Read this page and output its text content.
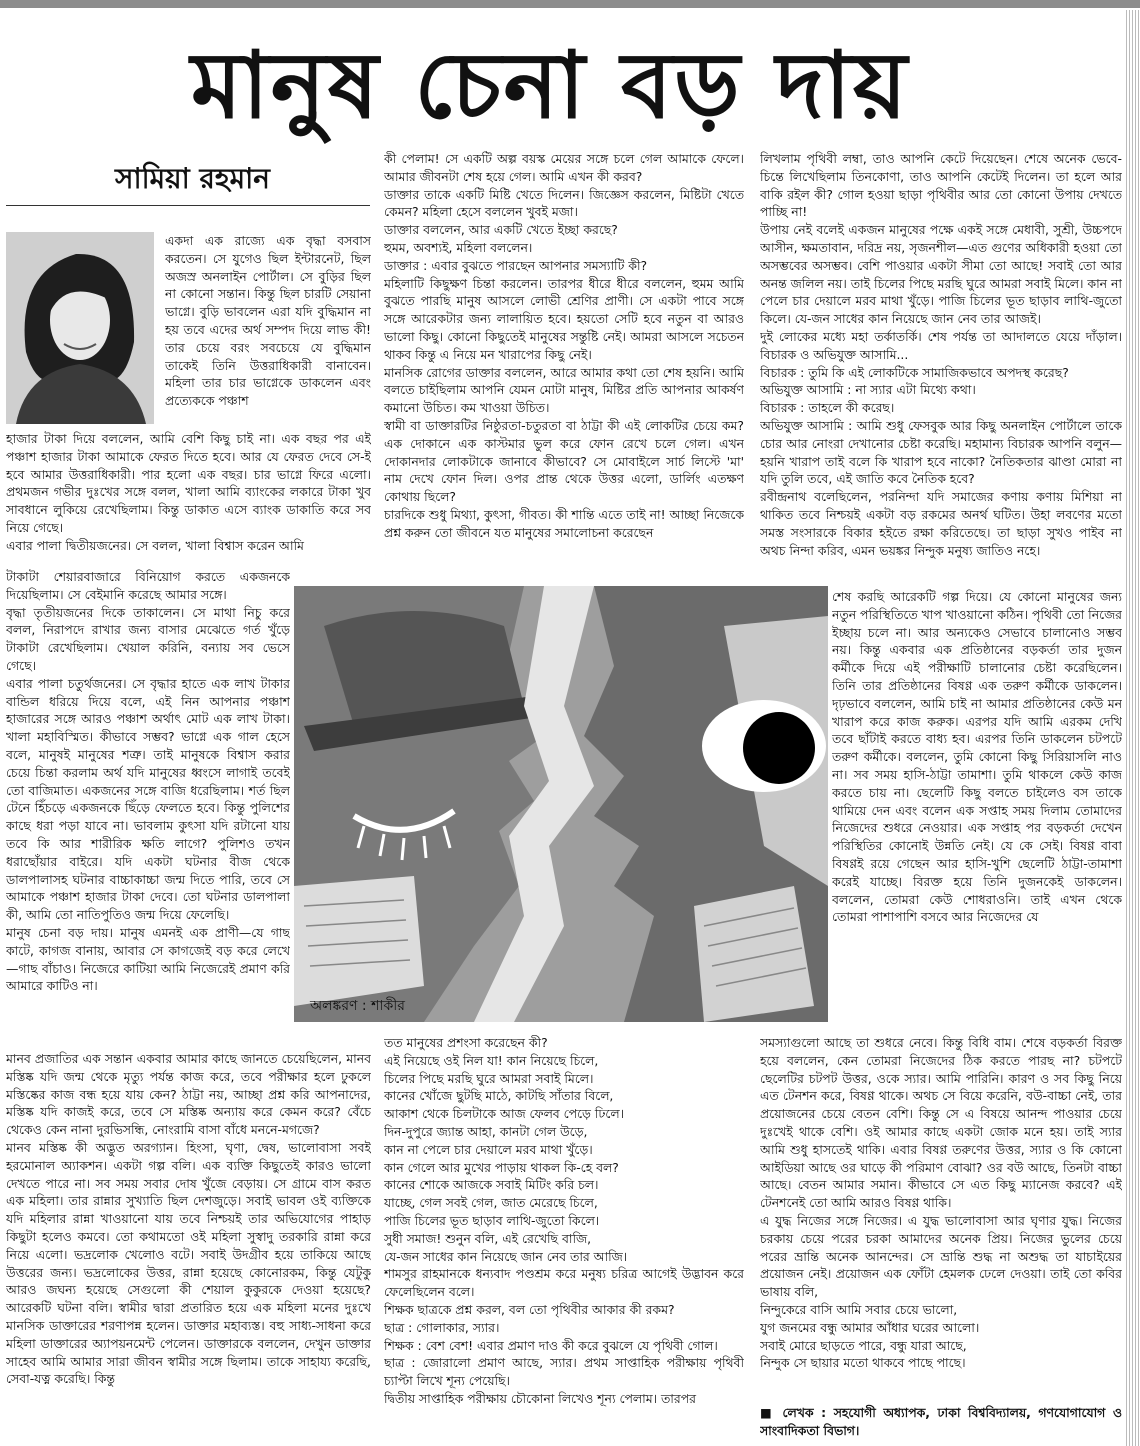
মানুষ চেনা বড় দায়
সামিয়া রহমান

একদা এক রাজ্যে এক বৃদ্ধা বসবাস করতেন। সে যুগেও ছিল ইন্টারনেট, ছিল অজস্র অনলাইন পোর্টাল। সে বুড়ির ছিল না কোনো সন্তান। কিন্তু ছিল চারটি সেয়ানা ভাগ্নে। বুড়ি ভাবলেন এরা যদি বুদ্ধিমান না হয় তবে এদের অর্থ সম্পদ দিয়ে লাভ কী! তার চেয়ে বরং সবচেয়ে যে বুদ্ধিমান তাকেই তিনি উত্তরাধিকারী বানাবেন। মহিলা তার চার ভাগ্নেকে ডাকলেন এবং প্রত্যেককে পঞ্চাশ

হাজার টাকা দিয়ে বললেন, আমি বেশি কিছু চাই না। এক বছর পর এই পঞ্চাশ হাজার টাকা আমাকে ফেরত দিতে হবে। আর যে ফেরত দেবে সে-ই হবে আমার উত্তরাধিকারী। পার হলো এক বছর। চার ভাগ্নে ফিরে এলো। প্রথমজন গভীর দুঃখের সঙ্গে বলল, খালা আমি ব্যাংকের লকারে টাকা খুব সাবধানে লুকিয়ে রেখেছিলাম। কিন্তু ডাকাত এসে ব্যাংক ডাকাতি করে সব নিয়ে গেছে।
এবার পালা দ্বিতীয়জনের। সে বলল, খালা বিশ্বাস করেন আমি

টাকাটা শেয়ারবাজারে বিনিয়োগ করতে একজনকে দিয়েছিলাম। সে বেইমানি করেছে আমার সঙ্গে।
বৃদ্ধা তৃতীয়জনের দিকে তাকালেন। সে মাথা নিচু করে বলল, নিরাপদে রাখার জন্য বাসার মেঝেতে গর্ত খুঁড়ে টাকাটা রেখেছিলাম। খেয়াল করিনি, বন্যায় সব ভেসে গেছে।
এবার পালা চতুর্থজনের। সে বৃদ্ধার হাতে এক লাখ টাকার বান্ডিল ধরিয়ে দিয়ে বলে, এই নিন আপনার পঞ্চাশ হাজারের সঙ্গে আরও পঞ্চাশ অর্থাৎ মোট এক লাখ টাকা। খালা মহাবিস্মিত। কীভাবে সম্ভব? ভাগ্নে এক গাল হেসে বলে, মানুষই মানুষের শত্রু। তাই মানুষকে বিশ্বাস করার চেয়ে চিন্তা করলাম অর্থ যদি মানুষের ধ্বংসে লাগাই তবেই তো বাজিমাত। একজনের সঙ্গে বাজি ধরেছিলাম। শর্ত ছিল টেনে হিঁচড়ে একজনকে ছিঁড়ে ফেলতে হবে। কিন্তু পুলিশের কাছে ধরা পড়া যাবে না। ভাবলাম কুৎসা যদি রটানো যায় তবে কি আর শারীরিক ক্ষতি লাগে? পুলিশও তখন ধরাছোঁয়ার বাইরে। যদি একটা ঘটনার বীজ থেকে ডালপালাসহ ঘটনার বাচ্চাকাচ্চা জন্ম দিতে পারি, তবে সে আমাকে পঞ্চাশ হাজার টাকা দেবে। তো ঘটনার ডালপালা কী, আমি তো নাতিপুতিও জন্ম দিয়ে ফেলেছি।
মানুষ চেনা বড় দায়। মানুষ এমনই এক প্রাণী—যে গাছ কাটে, কাগজ বানায়, আবার সে কাগজেই বড় করে লেখে—গাছ বাঁচাও। নিজেরে কাটিয়া আমি নিজেরেই প্রমাণ করি আমারে কাটিও না।

মানব প্রজাতির এক সন্তান একবার আমার কাছে জানতে চেয়েছিলেন, মানব মস্তিষ্ক যদি জন্ম থেকে মৃত্যু পর্যন্ত কাজ করে, তবে পরীক্ষার হলে ঢুকলে মস্তিষ্কের কাজ বন্ধ হয়ে যায় কেন? ঠাট্টা নয়, আচ্ছা প্রশ্ন করি আপনাদের, মস্তিষ্ক যদি কাজই করে, তবে সে মস্তিষ্ক অন্যায় করে কেমন করে? বেঁচে থেকেও কেন নানা দুরভিসন্ধি, নোংরামি বাসা বাঁধে মননে-মগজে?
মানব মস্তিষ্ক কী অদ্ভুত অরগ্যান। হিংসা, ঘৃণা, দ্বেষ, ভালোবাসা সবই হরমোনাল অ্যাকশন। একটা গল্প বলি। এক ব্যক্তি কিছুতেই কারও ভালো দেখতে পারে না। সব সময় সবার দোষ খুঁজে বেড়ায়। সে গ্রামে বাস করত এক মহিলা। তার রান্নার সুখ্যাতি ছিল দেশজুড়ে। সবাই ভাবল ওই ব্যক্তিকে যদি মহিলার রান্না খাওয়ানো যায় তবে নিশ্চয়ই তার অভিযোগের পাহাড় কিছুটা হলেও কমবে। তো কথামতো ওই মহিলা সুস্বাদু তরকারি রান্না করে নিয়ে এলো। ভদ্রলোক খেলোও বটে। সবাই উদগ্রীব হয়ে তাকিয়ে আছে উত্তরের জন্য। ভদ্রলোকের উত্তর, রান্না হয়েছে কোনোরকম, কিন্তু যেটুকু আরও জঘন্য হয়েছে সেগুলো কী শেয়াল কুকুরকে দেওয়া হয়েছে? আরেকটি ঘটনা বলি। স্বামীর দ্বারা প্রতারিত হয়ে এক মহিলা মনের দুঃখে মানসিক ডাক্তারের শরণাপন্ন হলেন। ডাক্তার মহাব্যস্ত। বহু সাধ্য-সাধনা করে মহিলা ডাক্তারের অ্যাপয়নমেন্ট পেলেন। ডাক্তারকে বললেন, দেখুন ডাক্তার সাহেব আমি আমার সারা জীবন স্বামীর সঙ্গে ছিলাম। তাকে সাহায্য করেছি, সেবা-যত্ন করেছি। কিন্তু

কী পেলাম! সে একটি অল্প বয়স্ক মেয়ের সঙ্গে চলে গেল আমাকে ফেলে। আমার জীবনটা শেষ হয়ে গেল। আমি এখন কী করব?
ডাক্তার তাকে একটি মিষ্টি খেতে দিলেন। জিজ্ঞেস করলেন, মিষ্টিটা খেতে কেমন? মহিলা হেসে বললেন খুবই মজা।
ডাক্তার বললেন, আর একটি খেতে ইচ্ছা করছে?
হুমম, অবশ্যই, মহিলা বললেন।
ডাক্তার : এবার বুঝতে পারছেন আপনার সমস্যাটি কী?
মহিলাটি কিছুক্ষণ চিন্তা করলেন। তারপর ধীরে ধীরে বললেন, হুমম আমি বুঝতে পারছি মানুষ আসলে লোভী শ্রেণির প্রাণী। সে একটা পাবে সঙ্গে সঙ্গে আরেকটার জন্য লালায়িত হবে। হয়তো সেটি হবে নতুন বা আরও ভালো কিছু। কোনো কিছুতেই মানুষের সন্তুষ্টি নেই। আমরা আসলে সচেতন থাকব কিন্তু এ নিয়ে মন খারাপের কিছু নেই।
মানসিক রোগের ডাক্তার বললেন, আরে আমার কথা তো শেষ হয়নি। আমি বলতে চাইছিলাম আপনি যেমন মোটা মানুষ, মিষ্টির প্রতি আপনার আকর্ষণ কমানো উচিত। কম খাওয়া উচিত।
স্বামী বা ডাক্তারটির নিষ্ঠুরতা-চতুরতা বা ঠাট্টা কী এই লোকটির চেয়ে কম? এক দোকানে এক কাস্টমার ভুল করে ফোন রেখে চলে গেল। এখন দোকানদার লোকটাকে জানাবে কীভাবে? সে মোবাইলে সার্চ লিস্টে 'মা' নাম দেখে ফোন দিল। ওপর প্রান্ত থেকে উত্তর এলো, ডার্লিং এতক্ষণ কোথায় ছিলে?
চারদিকে শুধু মিথ্যা, কুৎসা, গীবত। কী শান্তি এতে তাই না! আচ্ছা নিজেকে প্রশ্ন করুন তো জীবনে যত মানুষের সমালোচনা করেছেন

তত মানুষের প্রশংসা করেছেন কী?
এই নিয়েছে ওই নিল যা! কান নিয়েছে চিলে,
চিলের পিছে মরছি ঘুরে আমরা সবাই মিলে।
কানের খোঁজে ছুটছি মাঠে, কাটছি সাঁতার বিলে,
আকাশ থেকে চিলটাকে আজ ফেলব পেড়ে ঢিলে।
দিন-দুপুরে জ্যান্ত আহা, কানটা গেল উড়ে,
কান না পেলে চার দেয়ালে মরব মাথা খুঁড়ে।
কান গেলে আর মুখের পাড়ায় থাকল কি-হে বল?
কানের শোকে আজকে সবাই মিটিং করি চল।
যাচ্ছে, গেল সবই গেল, জাত মেরেছে চিলে,
পাজি চিলের ভূত ছাড়াব লাথি-জুতো কিলে।
সুধী সমাজ! শুনুন বলি, এই রেখেছি বাজি,
যে-জন সাধের কান নিয়েছে জান নেব তার আজি।
শামসুর রাহমানকে ধন্যবাদ পণ্ডশ্রম করে মনুষ্য চরিত্র আগেই উদ্ভাবন করে ফেলেছিলেন বলে।
শিক্ষক ছাত্রকে প্রশ্ন করল, বল তো পৃথিবীর আকার কী রকম?
ছাত্র : গোলাকার, স্যার।
শিক্ষক : বেশ বেশ! এবার প্রমাণ দাও কী করে বুঝলে যে পৃথিবী গোল।
ছাত্র : জোরালো প্রমাণ আছে, স্যার। প্রথম সাপ্তাহিক পরীক্ষায় পৃথিবী চ্যাপ্টা লিখে শূন্য পেয়েছি।
দ্বিতীয় সাপ্তাহিক পরীক্ষায় চৌকোনা লিখেও শূন্য পেলাম। তারপর

লিখলাম পৃথিবী লম্বা, তাও আপনি কেটে দিয়েছেন। শেষে অনেক ভেবে-চিন্তে লিখেছিলাম তিনকোণা, তাও আপনি কেটেই দিলেন। তা হলে আর বাকি রইল কী? গোল হওয়া ছাড়া পৃথিবীর আর তো কোনো উপায় দেখতে পাচ্ছি না!
উপায় নেই বলেই একজন মানুষের পক্ষে একই সঙ্গে মেধাবী, সুশ্রী, উচ্চপদে আসীন, ক্ষমতাবান, দরিদ্র নয়, সৃজনশীল—এত গুণের অধিকারী হওয়া তো অসম্ভবের অসম্ভব। বেশি পাওয়ার একটা সীমা তো আছে! সবাই তো আর অনন্ত জলিল নয়। তাই চিলের পিছে মরছি ঘুরে আমরা সবাই মিলে। কান না পেলে চার দেয়ালে মরব মাথা খুঁড়ে। পাজি চিলের ভূত ছাড়াব লাথি-জুতো কিলে। যে-জন সাধের কান নিয়েছে জান নেব তার আজই।
দুই লোকের মধ্যে মহা তর্কাতর্কি। শেষ পর্যন্ত তা আদালতে যেয়ে দাঁড়াল। বিচারক ও অভিযুক্ত আসামি...
বিচারক : তুমি কি এই লোকটিকে সামাজিকভাবে অপদস্থ করেছ?
অভিযুক্ত আসামি : না স্যার এটা মিথ্যে কথা।
বিচারক : তাহলে কী করেছ।
অভিযুক্ত আসামি : আমি শুধু ফেসবুক আর কিছু অনলাইন পোর্টালে তাকে চোর আর নোংরা দেখানোর চেষ্টা করেছি। মহামান্য বিচারক আপনি বলুন— হয়নি খারাপ তাই বলে কি খারাপ হবে নাকো? নৈতিকতার ঝাণ্ডা মোরা না যদি তুলি তবে, এই জাতি কবে নৈতিক হবে?
রবীন্দ্রনাথ বলেছিলেন, পরনিন্দা যদি সমাজের কণায় কণায় মিশিয়া না থাকিত তবে নিশ্চয়ই একটা বড় রকমের অনর্থ ঘটিত। উহা লবণের মতো সমস্ত সংসারকে বিকার হইতে রক্ষা করিতেছে। তা ছাড়া সুখও পাইব না অথচ নিন্দা করিব, এমন ভয়ঙ্কর নিন্দুক মনুষ্য জাতিও নহে।

শেষ করছি আরেকটি গল্প দিয়ে। যে কোনো মানুষের জন্য নতুন পরিস্থিতিতে খাপ খাওয়ানো কঠিন। পৃথিবী তো নিজের ইচ্ছায় চলে না। আর অন্যকেও সেভাবে চালানোও সম্ভব নয়। কিন্তু একবার এক প্রতিষ্ঠানের বড়কর্তা তার দুজন কর্মীকে দিয়ে এই পরীক্ষাটি চালানোর চেষ্টা করেছিলেন। তিনি তার প্রতিষ্ঠানের বিষণ্ণ এক তরুণ কর্মীকে ডাকলেন। দৃঢ়ভাবে বললেন, আমি চাই না আমার প্রতিষ্ঠানের কেউ মন খারাপ করে কাজ করুক। এরপর যদি আমি এরকম দেখি তবে ছাঁটাই করতে বাধ্য হব। এরপর তিনি ডাকলেন চটপটে তরুণ কর্মীকে। বললেন, তুমি কোনো কিছু সিরিয়াসলি নাও না। সব সময় হাসি-ঠাট্টা তামাশা। তুমি থাকলে কেউ কাজ করতে চায় না। ছেলেটি কিছু বলতে চাইলেও বস তাকে থামিয়ে দেন এবং বলেন এক সপ্তাহ সময় দিলাম তোমাদের নিজেদের শুধরে নেওয়ার। এক সপ্তাহ পর বড়কর্তা দেখেন পরিস্থিতির কোনোই উন্নতি নেই। যে কে সেই। বিষণ্ণ বাবা বিষণ্ণই রয়ে গেছেন আর হাসি-খুশি ছেলেটি ঠাট্টা-তামাশা করেই যাচ্ছে। বিরক্ত হয়ে তিনি দুজনকেই ডাকলেন। বললেন, তোমরা কেউ শোধরাওনি। তাই এখন থেকে তোমরা পাশাপাশি বসবে আর নিজেদের যে

সমস্যাগুলো আছে তা শুধরে নেবে। কিন্তু বিধি বাম। শেষে বড়কর্তা বিরক্ত হয়ে বললেন, কেন তোমরা নিজেদের ঠিক করতে পারছ না? চটপটে ছেলেটির চটপট উত্তর, ওকে স্যার। আমি পারিনি। কারণ ও সব কিছু নিয়ে এত টেনশন করে, বিষণ্ণ থাকে। অথচ সে বিয়ে করেনি, বউ-বাচ্চা নেই, তার প্রয়োজনের চেয়ে বেতন বেশি। কিন্তু সে এ বিষয়ে আনন্দ পাওয়ার চেয়ে দুঃখেই থাকে বেশি। ওই আমার কাছে একটা জোক মনে হয়। তাই স্যার আমি শুধু হাসতেই থাকি। এবার বিষণ্ণ তরুণের উত্তর, স্যার ও কি কোনো আইডিয়া আছে ওর ঘাড়ে কী পরিমাণ বোঝা? ওর বউ আছে, তিনটা বাচ্চা আছে। বেতন আমার সমান। কীভাবে সে এত কিছু ম্যানেজ করবে? এই টেনশনেই তো আমি আরও বিষণ্ণ থাকি।
এ যুদ্ধ নিজের সঙ্গে নিজের। এ যুদ্ধ ভালোবাসা আর ঘৃণার যুদ্ধ। নিজের চরকায় চেয়ে পরের চরকা আমাদের অনেক প্রিয়। নিজের ভুলের চেয়ে পরের ভ্রান্তি অনেক আনন্দের। সে ভ্রান্তি শুদ্ধ না অশুদ্ধ তা যাচাইয়ের প্রয়োজন নেই। প্রয়োজন এক ফোঁটা হেমলক ঢেলে দেওয়া। তাই তো কবির ভাষায় বলি,
নিন্দুকেরে বাসি আমি সবার চেয়ে ভালো,
যুগ জনমের বন্ধু আমার আঁধার ঘরের আলো।
সবাই মোরে ছাড়তে পারে, বন্ধু যারা আছে,
নিন্দুক সে ছায়ার মতো থাকবে পাছে পাছে।

■ লেখক : সহযোগী অধ্যাপক, ঢাকা বিশ্ববিদ্যালয়, গণযোগাযোগ ও সাংবাদিকতা বিভাগ।

অলঙ্করণ : শাকীর
